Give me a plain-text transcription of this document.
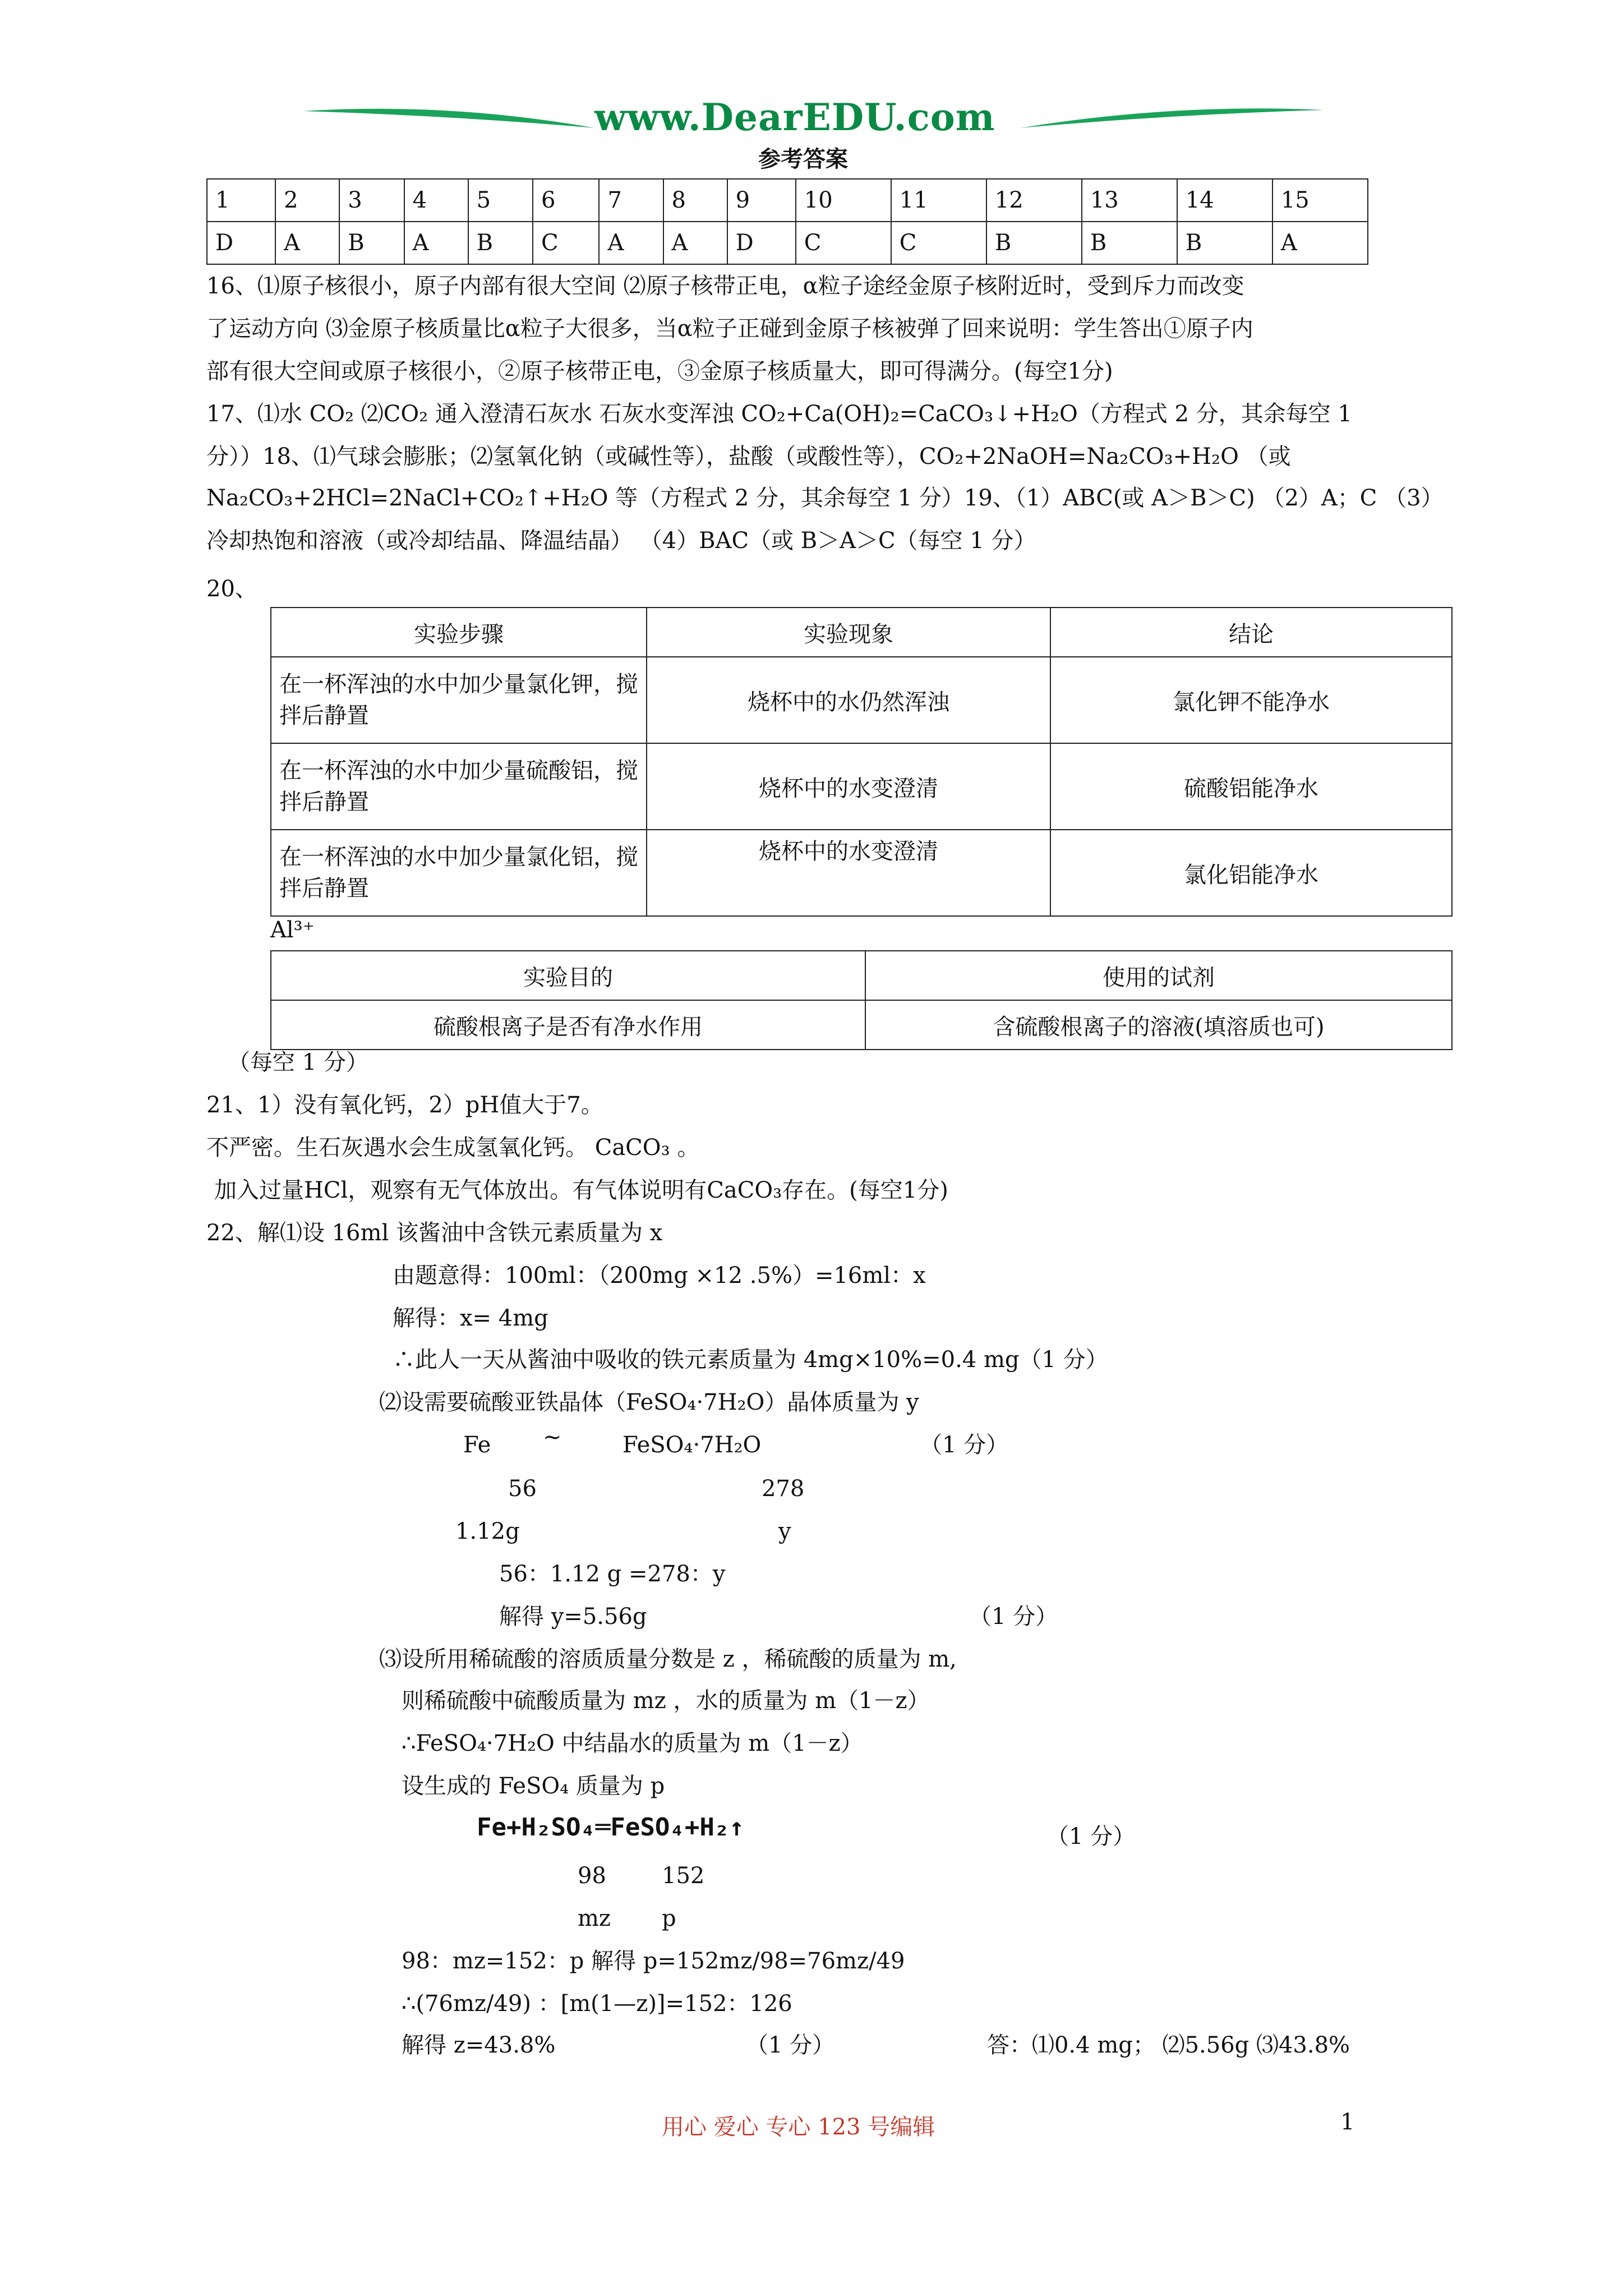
www.DearEDU.com
参考答案
1	2	3	4	5	6	7	8	9	10	11	12	13	14	15
D	A	B	A	B	C	A	A	D	C	C	B	B	B	A
16、⑴原子核很小，原子内部有很大空间 ⑵原子核带正电，α粒子途经金原子核附近时，受到斥力而改变
了运动方向 ⑶金原子核质量比α粒子大很多，当α粒子正碰到金原子核被弹了回来说明：学生答出①原子内
部有很大空间或原子核很小，②原子核带正电，③金原子核质量大，即可得满分。(每空1分)
17、⑴水 CO₂ ⑵CO₂ 通入澄清石灰水 石灰水变浑浊 CO₂+Ca(OH)₂=CaCO₃↓+H₂O（方程式 2 分，其余每空 1
分））18、⑴气球会膨胀；⑵氢氧化钠（或碱性等），盐酸（或酸性等），CO₂+2NaOH=Na₂CO₃+H₂O （或
Na₂CO₃+2HCl=2NaCl+CO₂↑+H₂O 等（方程式 2 分，其余每空 1 分）19、（1）ABC(或 A＞B＞C) （2）A；C （3）
冷却热饱和溶液（或冷却结晶、降温结晶） （4）BAC（或 B＞A＞C（每空 1 分）
20、
实验步骤	实验现象	结论
在一杯浑浊的水中加少量氯化钾，搅拌后静置	烧杯中的水仍然浑浊	氯化钾不能净水
在一杯浑浊的水中加少量硫酸铝，搅拌后静置	烧杯中的水变澄清	硫酸铝能净水
在一杯浑浊的水中加少量氯化铝，搅拌后静置	烧杯中的水变澄清	氯化铝能净水
Al³⁺
实验目的	使用的试剂
硫酸根离子是否有净水作用	含硫酸根离子的溶液(填溶质也可)
（每空 1 分）
21、1）没有氧化钙，2）pH值大于7。
不严密。生石灰遇水会生成氢氧化钙。 CaCO₃ 。
加入过量HCl，观察有无气体放出。有气体说明有CaCO₃存在。(每空1分)
22、解⑴设 16ml 该酱油中含铁元素质量为 x
由题意得：100ml：（200mg ×12 .5%）=16ml：x
解得：x= 4mg
∴此人一天从酱油中吸收的铁元素质量为 4mg×10%=0.4 mg（1 分）
⑵设需要硫酸亚铁晶体（FeSO₄·7H₂O）晶体质量为 y
Fe ~	FeSO₄·7H₂O	（1 分）
56	278
1.12g	y
56：1.12 g =278：y
解得 y=5.56g	（1 分）
⑶设所用稀硫酸的溶质质量分数是 z ，稀硫酸的质量为 m,
则稀硫酸中硫酸质量为 mz ，水的质量为 m（1－z）
∴FeSO₄·7H₂O 中结晶水的质量为 m（1－z）
设生成的 FeSO₄ 质量为 p
Fe+H₂SO₄═FeSO₄+H₂↑	（1 分）
98 152
mz p
98：mz=152：p 解得 p=152mz/98=76mz/49
∴(76mz/49) ：[m(1—z)]=152：126
解得 z=43.8%	（1 分）	答：⑴0.4 mg； ⑵5.56g ⑶43.8%
用心 爱心 专心 123 号编辑	1
